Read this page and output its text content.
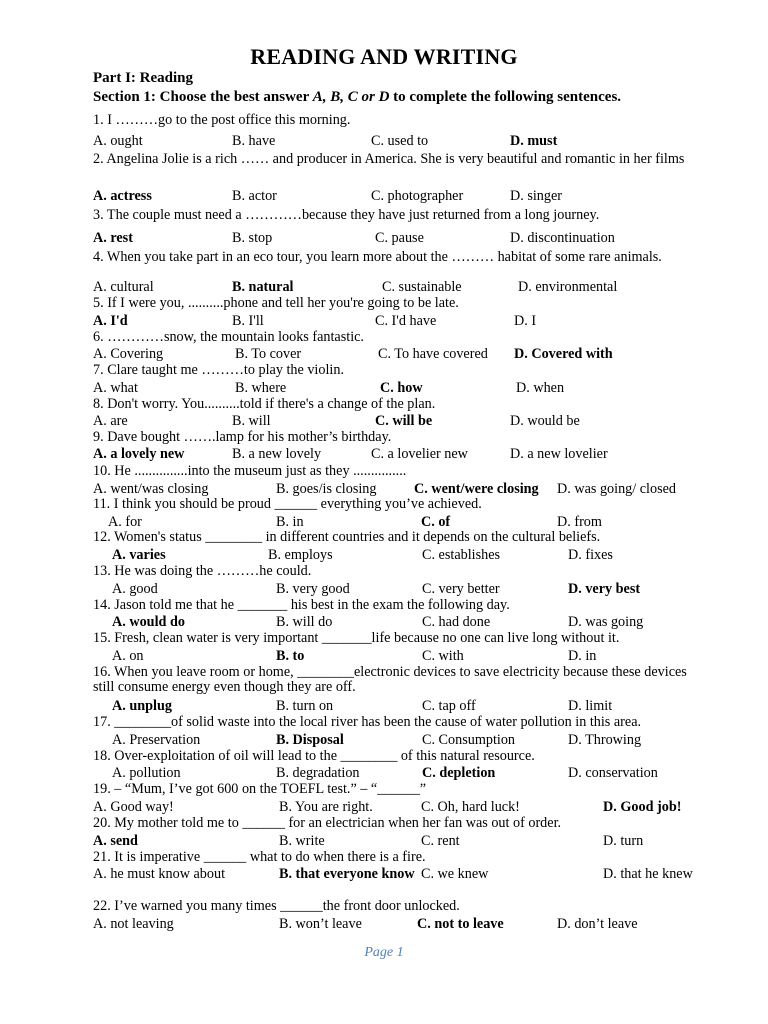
READING AND WRITING
Part I: Reading
Section 1: Choose the best answer A, B, C or D to complete the following sentences.
1. I ………go to the post office this morning.
A. ought	B. have	C. used to	D. must
2. Angelina Jolie is a rich …… and producer in America. She is very beautiful and romantic in her films
A. actress	B. actor	C. photographer	D. singer
3. The couple must need a …………because they have just returned from a long journey.
A. rest	B. stop	C. pause	D. discontinuation
4. When you take part in an eco tour, you learn more about the ……… habitat of some rare animals.
A. cultural	B. natural	C. sustainable	D. environmental
5. If I were you, ..........phone and tell her you're going to be late.
A. I'd	B. I'll	C. I'd have	D. I
6. …………snow, the mountain looks fantastic.
A. Covering	B. To cover	C. To have covered D. Covered with
7. Clare taught me ………to play the violin.
A. what	B. where	C. how	D. when
8. Don't worry. You..........told if there's a change of the plan.
A. are	B. will	C. will be	D. would be
9. Dave bought …….lamp for his mother’s birthday.
A. a lovely new	B. a new lovely	C. a lovelier new	D. a new lovelier
10. He ...............into the museum just as they ...............
A. went/was closing	B. goes/is closing	C. went/were closing D. was going/ closed
11. I think you should be proud ______ everything you’ve achieved.
A. for	B. in	C. of	D. from
12. Women's status ________ in different countries and it depends on the cultural beliefs.
A. varies	B. employs	C. establishes	D. fixes
13. He was doing the ………he could.
A. good	B. very good	C. very better	D. very best
14. Jason told me that he _______ his best in the exam the following day.
A. would do	B. will do	C. had done	D. was going
15. Fresh, clean water is very important _______life because no one can live long without it.
A. on	B. to	C. with	D. in
16. When you leave room or home, ________electronic devices to save electricity because these devices still consume energy even though they are off.
A. unplug	B. turn on	C. tap off	D. limit
17. ________of solid waste into the local river has been the cause of water pollution in this area.
A. Preservation	B. Disposal	C. Consumption	D. Throwing
18. Over-exploitation of oil will lead to the ________ of this natural resource.
A. pollution	B. degradation	C. depletion	D. conservation
19. – “Mum, I’ve got 600 on the TOEFL test.” – “______”
A. Good way!	B. You are right.	C. Oh, hard luck!	D. Good job!
20. My mother told me to ______ for an electrician when her fan was out of order.
A. send	B. write	C. rent	D. turn
21. It is imperative ______ what to do when there is a fire.
A. he must know about	B. that everyone know C. we knew	D. that he knew
22. I’ve warned you many times ______the front door unlocked.
A. not leaving	B. won’t leave	C. not to leave	D. don’t leave
Page 1
